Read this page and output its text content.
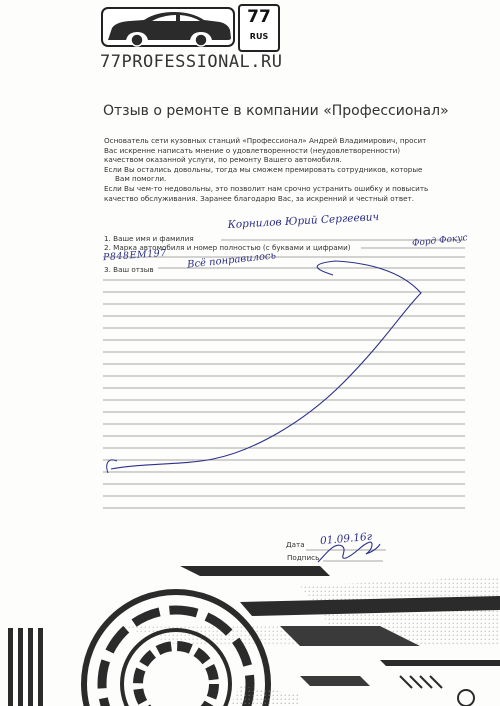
77
RUS
77PROFESSIONAL.RU
Отзыв о ремонте в компании «Профессионал»

Основатель сети кузовных станций «Профессионал» Андрей Владимирович, просит

Вас искренне написать мнение о удовлетворенности (неудовлетворенности)

качеством оказанной услуги, по ремонту Вашего автомобиля.

Если Вы остались довольны, тогда мы сможем премировать сотрудников, которые

Вам помогли.

Если Вы чем-то недовольны, это позволит нам срочно устранить ошибку и повысить

качество обслуживания. Заранее благодарю Вас, за искренний и честный ответ.

1. Ваше имя и фамилия
Корнилов Юрий Сергеевич
2. Марка автомобиля и номер полностью (с буквами и цифрами)	Форд Фокус
Р848ЕМ197
3. Ваш отзыв	Всё понравилось
Дата 01.09.16г
Подпись
